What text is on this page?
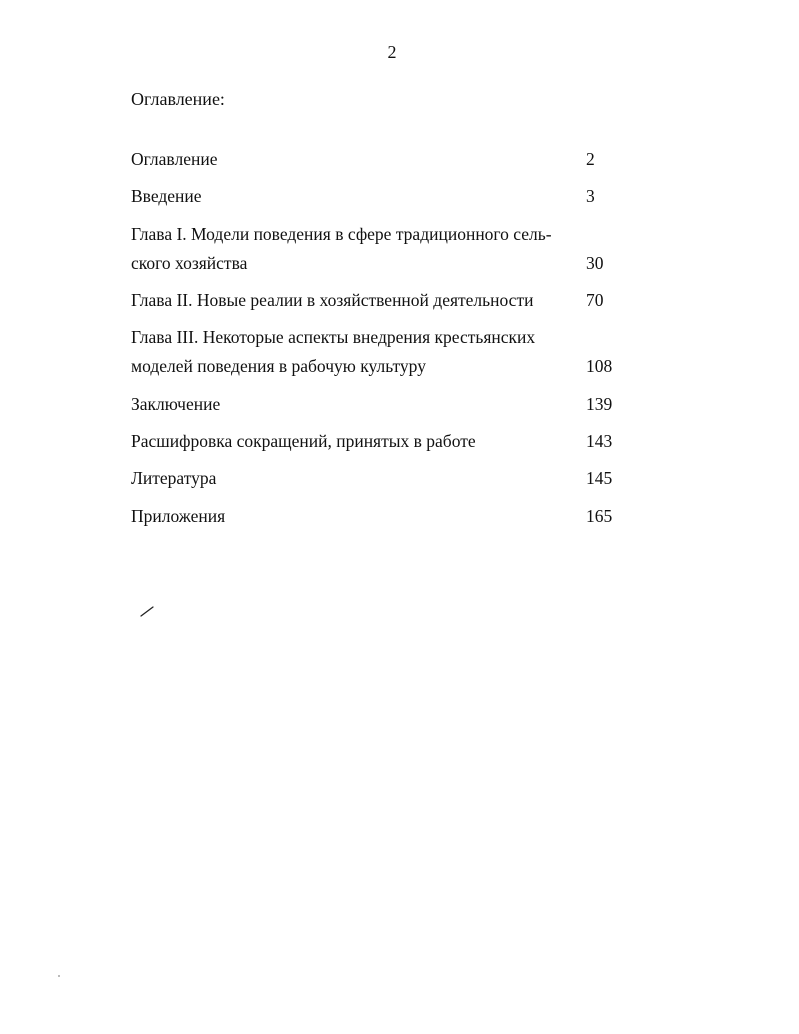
2
Оглавление:
Оглавление	2
Введение	3
Глава I. Модели поведения в сфере традиционного сель-
ского хозяйства	30
Глава II. Новые реалии в хозяйственной деятельности	70
Глава III. Некоторые аспекты внедрения крестьянских
моделей поведения в рабочую культуру	108
Заключение	139
Расшифровка сокращений, принятых в работе	143
Литература	145
Приложения	165
